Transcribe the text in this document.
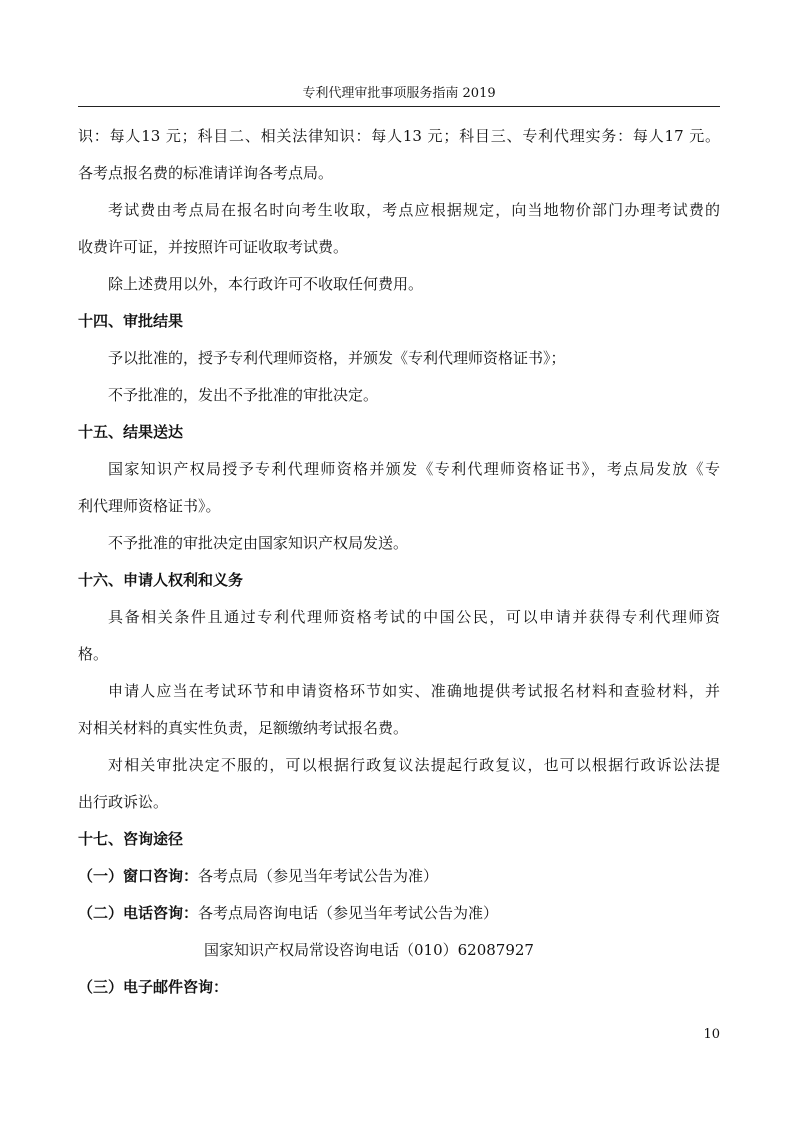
专利代理审批事项服务指南 2019
识：每人13 元；科目二、相关法律知识：每人13 元；科目三、专利代理实务：每人17 元。
各考点报名费的标准请详询各考点局。
考试费由考点局在报名时向考生收取，考点应根据规定，向当地物价部门办理考试费的
收费许可证，并按照许可证收取考试费。
除上述费用以外，本行政许可不收取任何费用。
十四、审批结果
予以批准的，授予专利代理师资格，并颁发《专利代理师资格证书》；
不予批准的，发出不予批准的审批决定。
十五、结果送达
国家知识产权局授予专利代理师资格并颁发《专利代理师资格证书》，考点局发放《专
利代理师资格证书》。
不予批准的审批决定由国家知识产权局发送。
十六、申请人权利和义务
具备相关条件且通过专利代理师资格考试的中国公民，可以申请并获得专利代理师资
格。
申请人应当在考试环节和申请资格环节如实、准确地提供考试报名材料和查验材料，并
对相关材料的真实性负责，足额缴纳考试报名费。
对相关审批决定不服的，可以根据行政复议法提起行政复议，也可以根据行政诉讼法提
出行政诉讼。
十七、咨询途径
（一）窗口咨询：各考点局（参见当年考试公告为准）
（二）电话咨询：各考点局咨询电话（参见当年考试公告为准）
国家知识产权局常设咨询电话（010）62087927
（三）电子邮件咨询：
10
